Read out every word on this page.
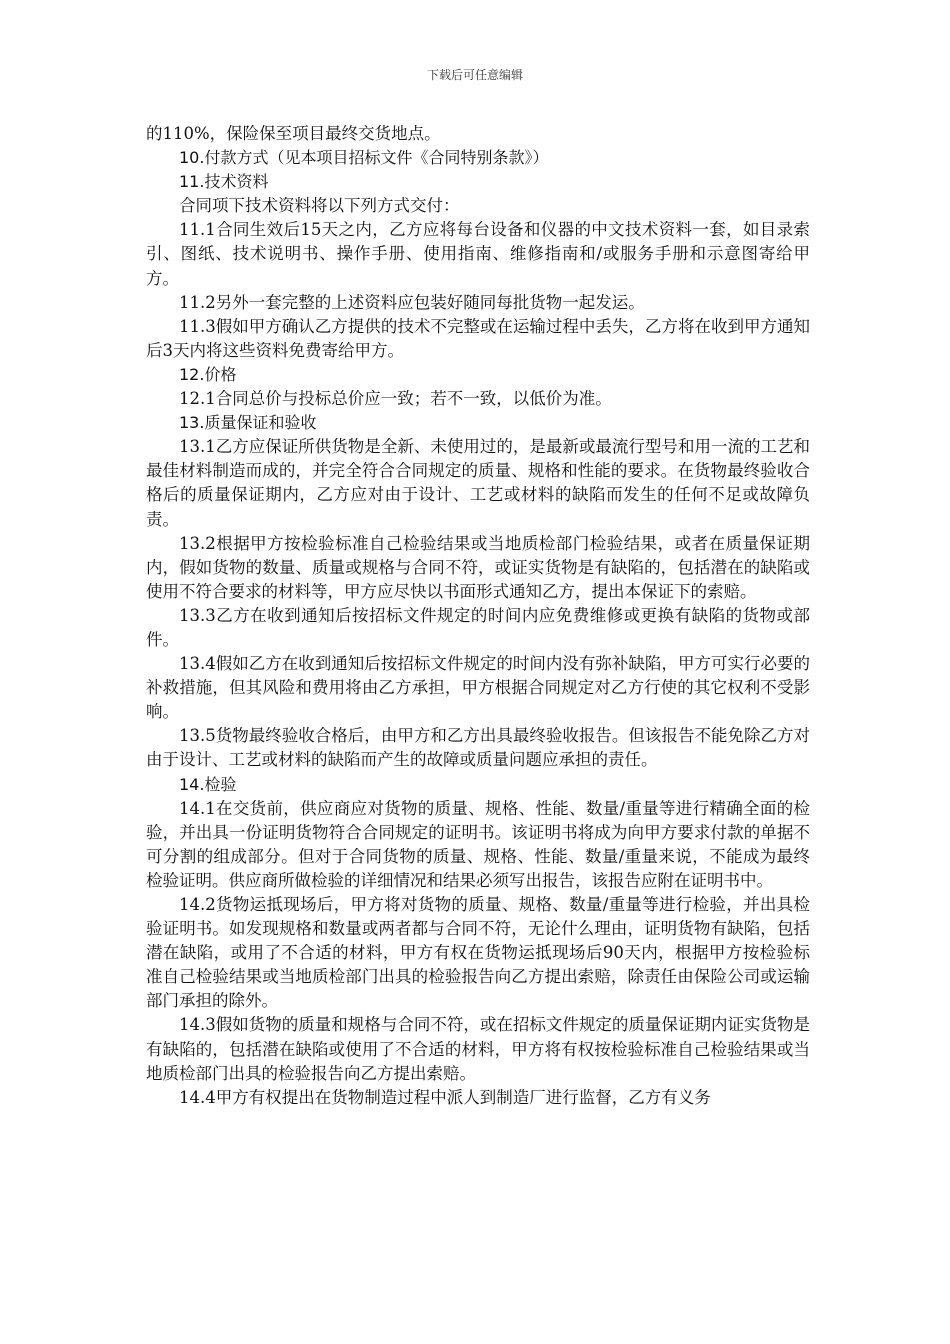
下载后可任意编辑
的110%，保险保至项目最终交货地点。
10.付款方式（见本项目招标文件《合同特别条款》）
11.技术资料
合同项下技术资料将以下列方式交付：
11.1合同生效后15天之内，乙方应将每台设备和仪器的中文技术资料一套，如目录索引、图纸、技术说明书、操作手册、使用指南、维修指南和/或服务手册和示意图寄给甲方。
11.2另外一套完整的上述资料应包装好随同每批货物一起发运。
11.3假如甲方确认乙方提供的技术不完整或在运输过程中丢失，乙方将在收到甲方通知后3天内将这些资料免费寄给甲方。
12.价格
12.1合同总价与投标总价应一致；若不一致，以低价为准。
13.质量保证和验收
13.1乙方应保证所供货物是全新、未使用过的，是最新或最流行型号和用一流的工艺和最佳材料制造而成的，并完全符合合同规定的质量、规格和性能的要求。在货物最终验收合格后的质量保证期内，乙方应对由于设计、工艺或材料的缺陷而发生的任何不足或故障负责。
13.2根据甲方按检验标准自己检验结果或当地质检部门检验结果，或者在质量保证期内，假如货物的数量、质量或规格与合同不符，或证实货物是有缺陷的，包括潜在的缺陷或使用不符合要求的材料等，甲方应尽快以书面形式通知乙方，提出本保证下的索赔。
13.3乙方在收到通知后按招标文件规定的时间内应免费维修或更换有缺陷的货物或部件。
13.4假如乙方在收到通知后按招标文件规定的时间内没有弥补缺陷，甲方可实行必要的补救措施，但其风险和费用将由乙方承担，甲方根据合同规定对乙方行使的其它权利不受影响。
13.5货物最终验收合格后，由甲方和乙方出具最终验收报告。但该报告不能免除乙方对由于设计、工艺或材料的缺陷而产生的故障或质量问题应承担的责任。
14.检验
14.1在交货前，供应商应对货物的质量、规格、性能、数量/重量等进行精确全面的检验，并出具一份证明货物符合合同规定的证明书。该证明书将成为向甲方要求付款的单据不可分割的组成部分。但对于合同货物的质量、规格、性能、数量/重量来说，不能成为最终检验证明。供应商所做检验的详细情况和结果必须写出报告，该报告应附在证明书中。
14.2货物运抵现场后，甲方将对货物的质量、规格、数量/重量等进行检验，并出具检验证明书。如发现规格和数量或两者都与合同不符，无论什么理由，证明货物有缺陷，包括潜在缺陷，或用了不合适的材料，甲方有权在货物运抵现场后90天内，根据甲方按检验标准自己检验结果或当地质检部门出具的检验报告向乙方提出索赔，除责任由保险公司或运输部门承担的除外。
14.3假如货物的质量和规格与合同不符，或在招标文件规定的质量保证期内证实货物是有缺陷的，包括潜在缺陷或使用了不合适的材料，甲方将有权按检验标准自己检验结果或当地质检部门出具的检验报告向乙方提出索赔。
14.4甲方有权提出在货物制造过程中派人到制造厂进行监督，乙方有义务
